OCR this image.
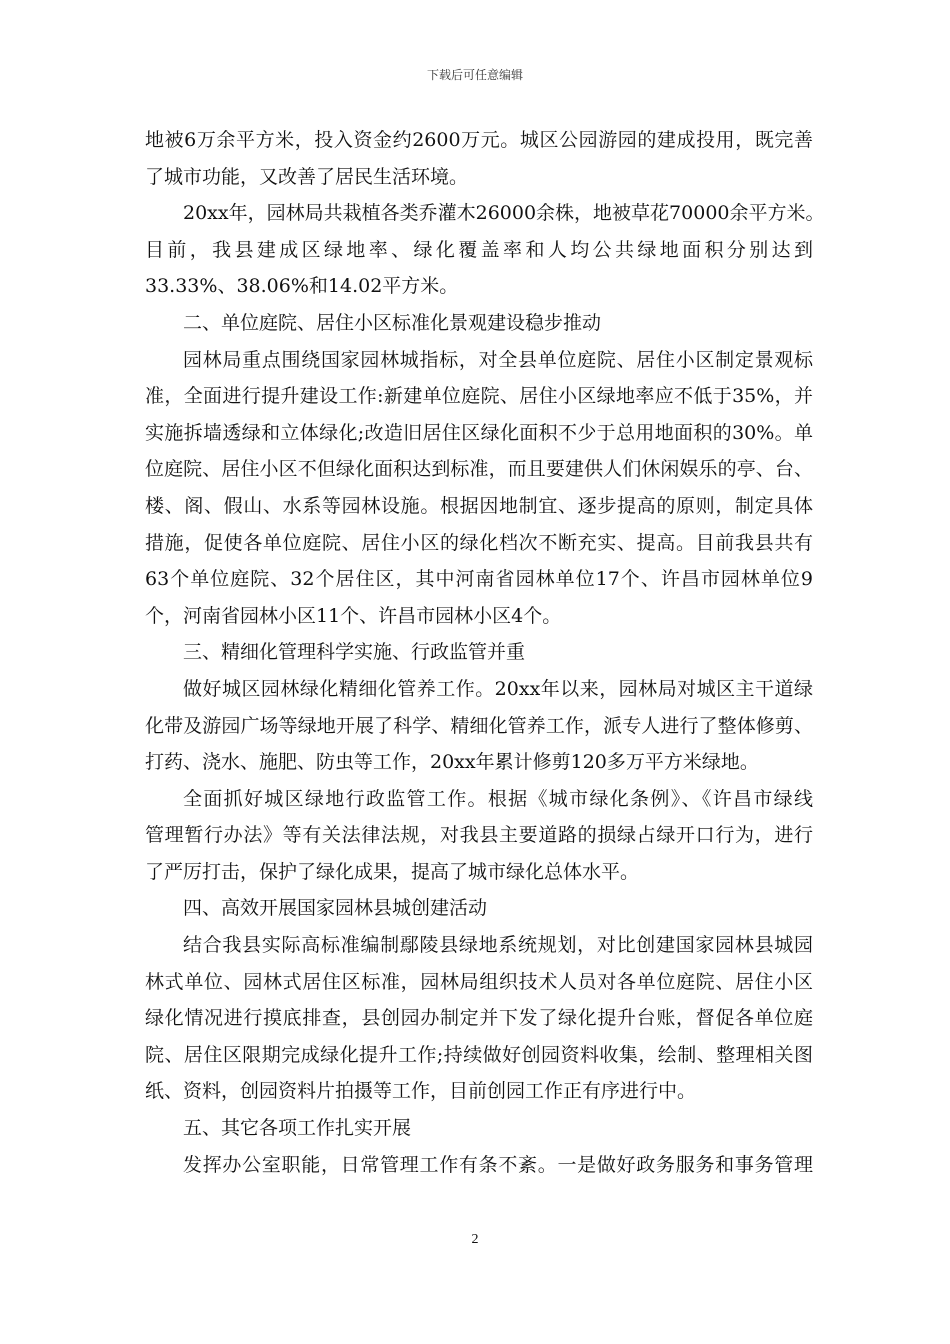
下载后可任意编辑
地被6万余平方米，投入资金约2600万元。城区公园游园的建成投用，既完善
了城市功能，又改善了居民生活环境。
20xx年，园林局共栽植各类乔灌木26000余株，地被草花70000余平方米。
目前，我县建成区绿地率、绿化覆盖率和人均公共绿地面积分别达到
33.33%、38.06%和14.02平方米。
二、单位庭院、居住小区标准化景观建设稳步推动
园林局重点围绕国家园林城指标，对全县单位庭院、居住小区制定景观标
准，全面进行提升建设工作:新建单位庭院、居住小区绿地率应不低于35%，并
实施拆墙透绿和立体绿化;改造旧居住区绿化面积不少于总用地面积的30%。单
位庭院、居住小区不但绿化面积达到标准，而且要建供人们休闲娱乐的亭、台、
楼、阁、假山、水系等园林设施。根据因地制宜、逐步提高的原则，制定具体
措施，促使各单位庭院、居住小区的绿化档次不断充实、提高。目前我县共有
63个单位庭院、32个居住区，其中河南省园林单位17个、许昌市园林单位9
个，河南省园林小区11个、许昌市园林小区4个。
三、精细化管理科学实施、行政监管并重
做好城区园林绿化精细化管养工作。20xx年以来，园林局对城区主干道绿
化带及游园广场等绿地开展了科学、精细化管养工作，派专人进行了整体修剪、
打药、浇水、施肥、防虫等工作，20xx年累计修剪120多万平方米绿地。
全面抓好城区绿地行政监管工作。根据《城市绿化条例》、《许昌市绿线
管理暂行办法》等有关法律法规，对我县主要道路的损绿占绿开口行为，进行
了严厉打击，保护了绿化成果，提高了城市绿化总体水平。
四、高效开展国家园林县城创建活动
结合我县实际高标准编制鄢陵县绿地系统规划，对比创建国家园林县城园
林式单位、园林式居住区标准，园林局组织技术人员对各单位庭院、居住小区
绿化情况进行摸底排查，县创园办制定并下发了绿化提升台账，督促各单位庭
院、居住区限期完成绿化提升工作;持续做好创园资料收集，绘制、整理相关图
纸、资料，创园资料片拍摄等工作，目前创园工作正有序进行中。
五、其它各项工作扎实开展
发挥办公室职能，日常管理工作有条不紊。一是做好政务服务和事务管理
2
